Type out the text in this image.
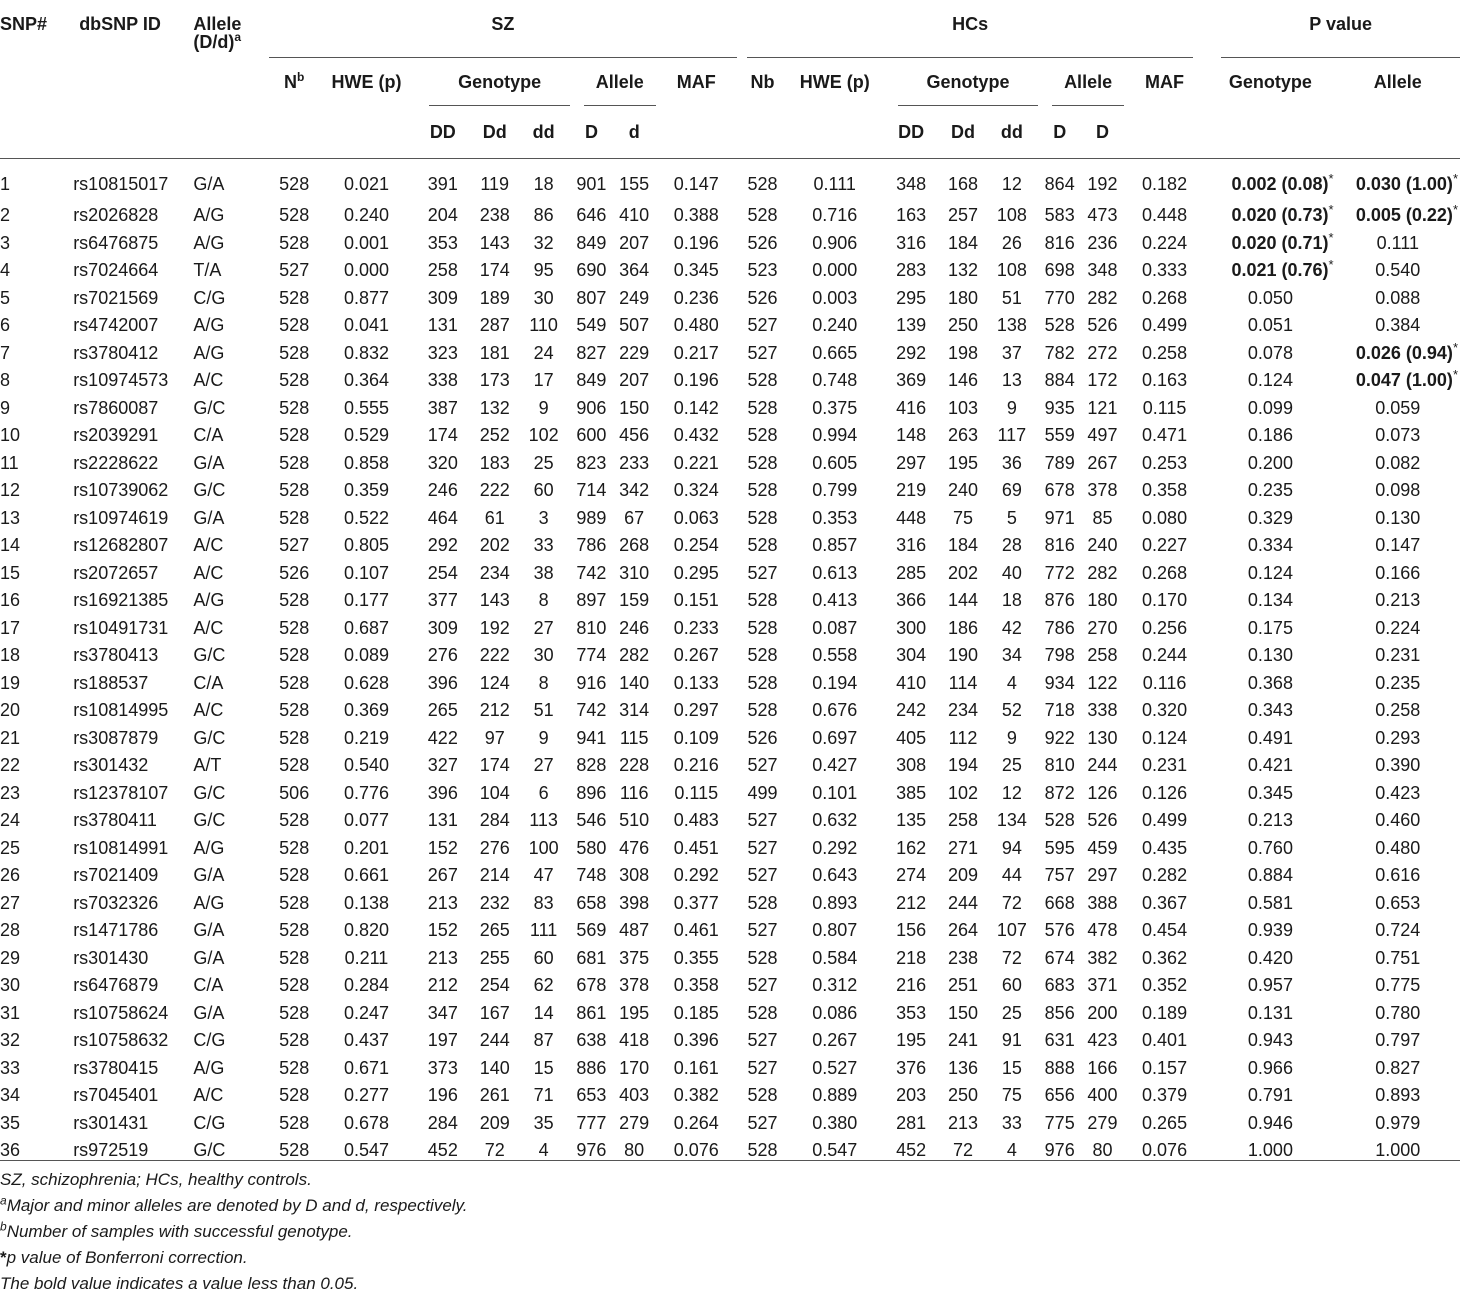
SNP#	dbSNP ID	Allele	SZ								HCs								P value	

		$(D/d)^a$	$N^b$	HWE (p)	Genotype			Allele		MAF	Nb	HWE (p)	Genotype			Allele		MAF	Genotype	Allele
					DD	Dd	dd	D	d				DD	Dd	dd	D	D			
1	rs10815017	G/A	528	0.021	391	119	18	901	155	0.147	528	0.111	348	168	12	864	192	0.182	0.002 (0.08)*	0.030 (1.00)*
2	rs2026828	A/G	528	0.240	204	238	86	646	410	0.388	528	0.716	163	257	108	583	473	0.448	0.020 (0.73)*	0.005 (0.22)*
3	rs6476875	A/G	528	0.001	353	143	32	849	207	0.196	526	0.906	316	184	26	816	236	0.224	0.020 (0.71)*	0.111
4	rs7024664	T/A	527	0.000	258	174	95	690	364	0.345	523	0.000	283	132	108	698	348	0.333	0.021 (0.76)*	0.540
5	rs7021569	C/G	528	0.877	309	189	30	807	249	0.236	526	0.003	295	180	51	770	282	0.268	0.050	0.088
6	rs4742007	A/G	528	0.041	131	287	110	549	507	0.480	527	0.240	139	250	138	528	526	0.499	0.051	0.384
7	rs3780412	A/G	528	0.832	323	181	24	827	229	0.217	527	0.665	292	198	37	782	272	0.258	0.078	0.026 (0.94)*
8	rs10974573	A/C	528	0.364	338	173	17	849	207	0.196	528	0.748	369	146	13	884	172	0.163	0.124	0.047 (1.00)*
9	rs7860087	G/C	528	0.555	387	132	9	906	150	0.142	528	0.375	416	103	9	935	121	0.115	0.099	0.059
10	rs2039291	C/A	528	0.529	174	252	102	600	456	0.432	528	0.994	148	263	117	559	497	0.471	0.186	0.073
11	rs2228622	G/A	528	0.858	320	183	25	823	233	0.221	528	0.605	297	195	36	789	267	0.253	0.200	0.082
12	rs10739062	G/C	528	0.359	246	222	60	714	342	0.324	528	0.799	219	240	69	678	378	0.358	0.235	0.098
13	rs10974619	G/A	528	0.522	464	61	3	989	67	0.063	528	0.353	448	75	5	971	85	0.080	0.329	0.130
14	rs12682807	A/C	527	0.805	292	202	33	786	268	0.254	528	0.857	316	184	28	816	240	0.227	0.334	0.147
15	rs2072657	A/C	526	0.107	254	234	38	742	310	0.295	527	0.613	285	202	40	772	282	0.268	0.124	0.166
16	rs16921385	A/G	528	0.177	377	143	8	897	159	0.151	528	0.413	366	144	18	876	180	0.170	0.134	0.213
17	rs10491731	A/C	528	0.687	309	192	27	810	246	0.233	528	0.087	300	186	42	786	270	0.256	0.175	0.224
18	rs3780413	G/C	528	0.089	276	222	30	774	282	0.267	528	0.558	304	190	34	798	258	0.244	0.130	0.231
19	rs188537	C/A	528	0.628	396	124	8	916	140	0.133	528	0.194	410	114	4	934	122	0.116	0.368	0.235
20	rs10814995	A/C	528	0.369	265	212	51	742	314	0.297	528	0.676	242	234	52	718	338	0.320	0.343	0.258
21	rs3087879	G/C	528	0.219	422	97	9	941	115	0.109	526	0.697	405	112	9	922	130	0.124	0.491	0.293
22	rs301432	A/T	528	0.540	327	174	27	828	228	0.216	527	0.427	308	194	25	810	244	0.231	0.421	0.390
23	rs12378107	G/C	506	0.776	396	104	6	896	116	0.115	499	0.101	385	102	12	872	126	0.126	0.345	0.423
24	rs3780411	G/C	528	0.077	131	284	113	546	510	0.483	527	0.632	135	258	134	528	526	0.499	0.213	0.460
25	rs10814991	A/G	528	0.201	152	276	100	580	476	0.451	527	0.292	162	271	94	595	459	0.435	0.760	0.480
26	rs7021409	G/A	528	0.661	267	214	47	748	308	0.292	527	0.643	274	209	44	757	297	0.282	0.884	0.616
27	rs7032326	A/G	528	0.138	213	232	83	658	398	0.377	528	0.893	212	244	72	668	388	0.367	0.581	0.653
28	rs1471786	G/A	528	0.820	152	265	111	569	487	0.461	527	0.807	156	264	107	576	478	0.454	0.939	0.724
29	rs301430	G/A	528	0.211	213	255	60	681	375	0.355	528	0.584	218	238	72	674	382	0.362	0.420	0.751
30	rs6476879	C/A	528	0.284	212	254	62	678	378	0.358	527	0.312	216	251	60	683	371	0.352	0.957	0.775
31	rs10758624	G/A	528	0.247	347	167	14	861	195	0.185	528	0.086	353	150	25	856	200	0.189	0.131	0.780
32	rs10758632	C/G	528	0.437	197	244	87	638	418	0.396	527	0.267	195	241	91	631	423	0.401	0.943	0.797
33	rs3780415	A/G	528	0.671	373	140	15	886	170	0.161	527	0.527	376	136	15	888	166	0.157	0.966	0.827
34	rs7045401	A/C	528	0.277	196	261	71	653	403	0.382	528	0.889	203	250	75	656	400	0.379	0.791	0.893
35	rs301431	C/G	528	0.678	284	209	35	777	279	0.264	527	0.380	281	213	33	775	279	0.265	0.946	0.979
36	rs972519	G/C	528	0.547	452	72	4	976	80	0.076	528	0.547	452	72	4	976	80	0.076	1.000	1.000
SZ, schizophrenia; HCs, healthy controls.
$^a$Major and minor alleles are denoted by D and d, respectively.
$^b$Number of samples with successful genotype.
*p value of Bonferroni correction.
The bold value indicates a value less than 0.05.
